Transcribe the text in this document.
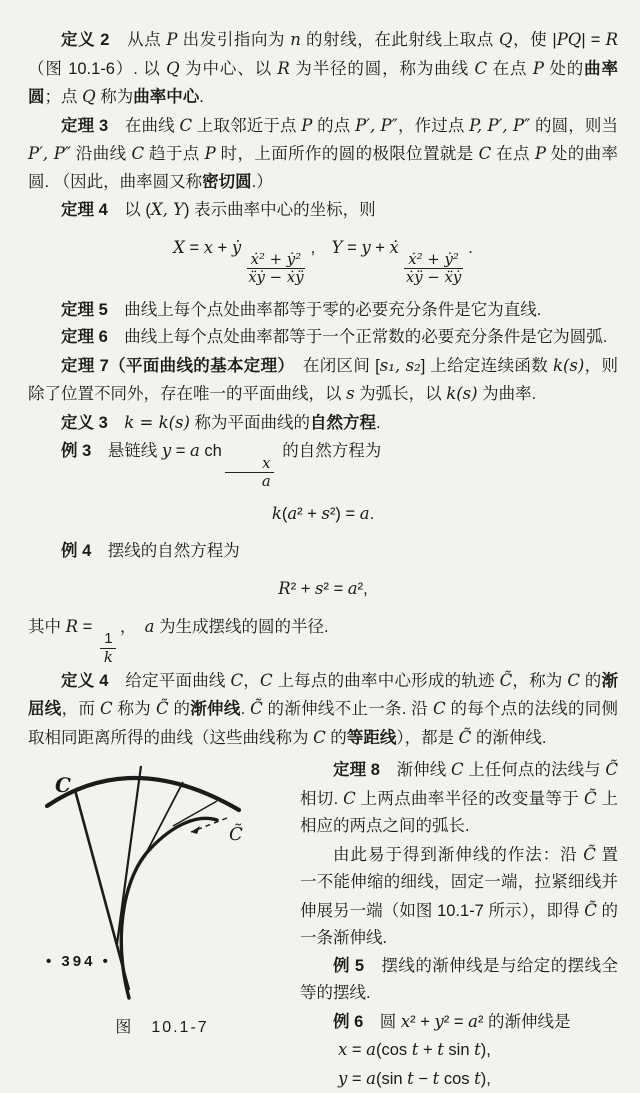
定义 2　从点 P 出发引指向为 n 的射线，在此射线上取点 Q，使 |PQ| = R（图 10.1-6）. 以 Q 为中心、以 R 为半径的圆，称为曲线 C 在点 P 处的曲率圆；点 Q 称为曲率中心.
定理 3　在曲线 C 上取邻近于点 P 的点 P′, P″，作过点 P, P′, P″ 的圆，则当 P′, P″ 沿曲线 C 趋于点 P 时，上面所作的圆的极限位置就是 C 在点 P 处的曲率圆. （因此，曲率圆又称密切圆.）
定理 4　以 (X, Y) 表示曲率中心的坐标，则
X = x + ẏ
$\frac{\text{ẋ² + ẏ²}}{\text{ẍẏ − ẋÿ}}$
,　Y = y + ẋ
$\frac{\text{ẋ² + ẏ²}}{\text{ẋÿ − ẍẏ}}$
.
定理 5　曲线上每个点处曲率都等于零的必要充分条件是它为直线.
定理 6　曲线上每个点处曲率都等于一个正常数的必要充分条件是它为圆弧.
定理 7（平面曲线的基本定理）　在闭区间 [s₁, s₂] 上给定连续函数 k(s)，则除了位置不同外，存在唯一的平面曲线，以 s 为弧长，以 k(s) 为曲率.
定义 3　 k = k(s) 称为平面曲线的自然方程.
例 3　悬链线 y = a ch
$\frac{x}{a}$
的自然方程为
k(a² + s²) = a.
例 4　摆线的自然方程为
R² + s² = a²,
其中 R =
$\frac{1}{k}$
，　a 为生成摆线的圆的半径.
定义 4　给定平面曲线 C，C 上每点的曲率中心形成的轨迹 C̃，称为 C 的渐屈线，而 C 称为 C̃ 的渐伸线. C̃ 的渐伸线不止一条. 沿 C 的每个点的法线的同侧取相同距离所得的曲线（这些曲线称为 C 的等距线），都是 C̃ 的渐伸线.
C
C̃
图　10.1-7
定理 8　渐伸线 C 上任何点的法线与 C̃ 相切. C 上两点曲率半径的改变量等于 C̃ 上相应的两点之间的弧长.
由此易于得到渐伸线的作法：沿 C̃ 置一不能伸缩的细线，固定一端，拉紧细线并伸展另一端（如图 10.1-7 所示），即得 C̃ 的一条渐伸线.
例 5　摆线的渐伸线是与给定的摆线全等的摆线.
例 6　圆 x² + y² = a² 的渐伸线是
x = a(cos t + t sin t),
y = a(sin t − t cos t),
• 394 •
